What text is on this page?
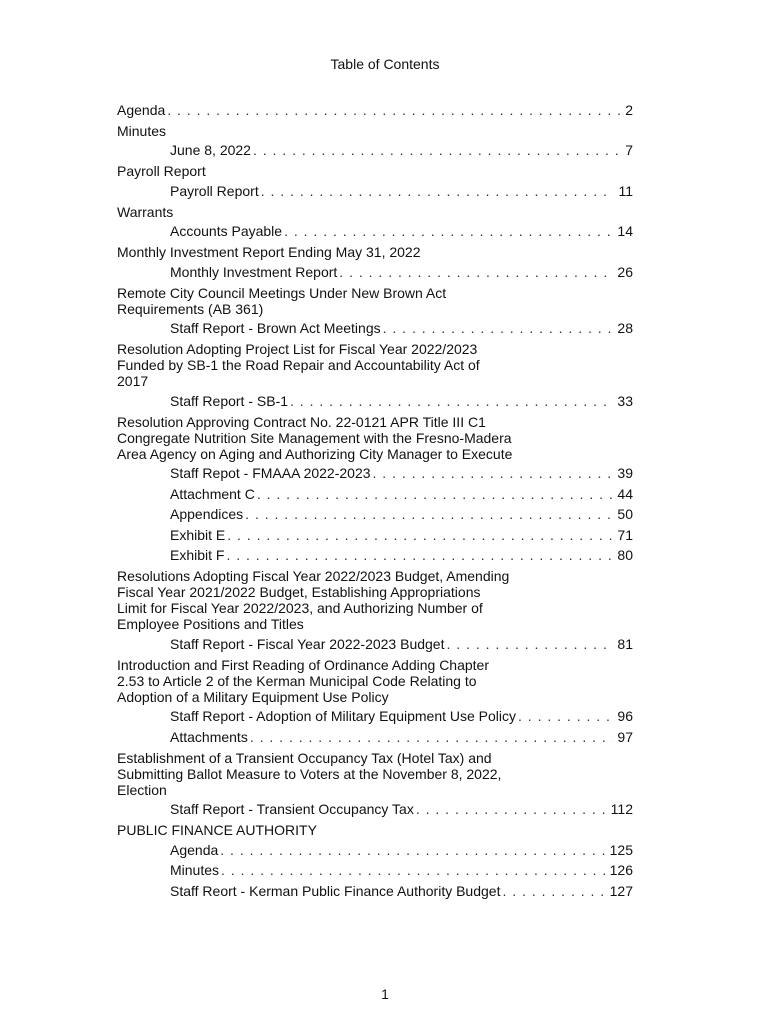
Table of Contents
Agenda . . .	2
Minutes
June 8, 2022 . . .	7
Payroll Report
Payroll Report . . .	11
Warrants
Accounts Payable . . .	14
Monthly Investment Report Ending May 31, 2022
Monthly Investment Report . . .	26
Remote City Council Meetings Under New Brown Act
Requirements (AB 361)
Staff Report - Brown Act Meetings . . .	28
Resolution Adopting Project List for Fiscal Year 2022/2023
Funded by SB-1 the Road Repair and Accountability Act of
2017
Staff Report - SB-1 . . .	33
Resolution Approving Contract No. 22-0121 APR Title III C1
Congregate Nutrition Site Management with the Fresno-Madera
Area Agency on Aging and Authorizing City Manager to Execute
Staff Repot - FMAAA 2022-2023 . . .	39
Attachment C . . .	44
Appendices . . .	50
Exhibit E . . .	71
Exhibit F . . .	80
Resolutions Adopting Fiscal Year 2022/2023 Budget, Amending
Fiscal Year 2021/2022 Budget, Establishing Appropriations
Limit for Fiscal Year 2022/2023, and Authorizing Number of
Employee Positions and Titles
Staff Report - Fiscal Year 2022-2023 Budget . . .	81
Introduction and First Reading of Ordinance Adding Chapter
2.53 to Article 2 of the Kerman Municipal Code Relating to
Adoption of a Military Equipment Use Policy
Staff Report - Adoption of Military Equipment Use Policy . . .	96
Attachments . . .	97
Establishment of a Transient Occupancy Tax (Hotel Tax) and
Submitting Ballot Measure to Voters at the November 8, 2022,
Election
Staff Report - Transient Occupancy Tax . . .	112
PUBLIC FINANCE AUTHORITY
Agenda . . .	125
Minutes . . .	126
Staff Reort - Kerman Public Finance Authority Budget . . .	127
1
